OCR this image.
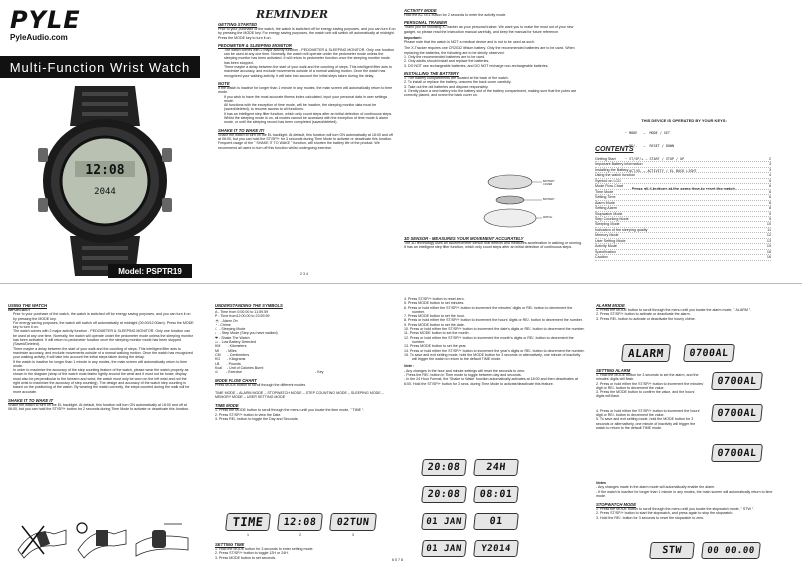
PYLE
PyleAudio.com
Multi-Function Wrist Watch
12:08
2044
Model: PSPTR19
REMINDER
GETTING STARTED
Prior to your purchase of the watch, the watch is switched off for energy saving purposes, and you can turn it on by pressing the MODE key. For energy saving purposes, the watch unit will switch off automatically at midnight. Press the MODE key to turn it on.
PEDOMETER & SLEEPING MONITOR
The watch comes with 2 major activity function - PEDOMETER & SLEEPING MONITOR. Only one function can be used at any one time. Normally, the watch will operate under the pedometer mode unless the sleeping monitor has been activated. It will return to pedometer function once the sleeping monitor mode has been stopped.
There maybe a delay between the start of your walk and the counting of steps. This intelligent filter acts to maximize accuracy, and exclude movements outside of a normal walking motion. Once the watch has recognized your walking activity, it will take into account the initial steps taken during the delay.
NOTE
If the watch is inactive for longer than 1 minute in any modes, the main screen will automatically return to time mode.
If you wish to have the most accurate fitness index calculated, input your personal data in user settings mode.
All functions with the exception of time mode, will be inactive, the sleeping monitor data must be (saved/deleted), to resume access to all functions.
It has an intelligent step filter function, which only count steps after an initial detection of continuous steps.
Whilst the sleeping mode is on, all modes cannot be accessed with the exception of time mode & alarm mode, or until the sleeping record has been completed (saved/deleted).
SHAKE IT TO WAKE IT!
Shake the watch to turn on the EL backlight. At default, this function will turn ON automatically at 18:00 and off at 06:00, but you can hold the ST/SP/+ for 3 seconds during Time Mode to activate or deactivate this function. Frequent usage of the " SHAKE IT TO WAKE " function, will shorten the battery life of the product. We recommend all users to turn off this function whilst undergoing exercise.
2 3 4
ACTIVITY MODE
Hold the ACT/EL button for 2 seconds to enter the activity mode.
PERSONAL TRAINER
Thank you for choosing X-Tracker as your personal trainer. We want you to make the most out of your new gadget, so please read the instruction manual carefully, and keep the manual for future reference.
Important:
Please note that the watch is NOT a medical device and is not to be used as such.
The X-Tracker requires one CR2032 lithium battery. Only the recommended batteries are to be used. When replacing the batteries, the following are to be strictly observed:
1. Only the recommended batteries are to be used.
2. Only adults should install and replace the batteries.
3. DO NOT use rechargeable batteries, and DO NOT recharge non-rechargeable batteries.
INSTALLING THE BATTERY
1. The battery compartments are located at the back of the watch.
2. To install or replace the battery, unscrew the back cover carefully.
3. Take out the old batteries and dispose responsibly.
4. Gently place a new battery into the battery slot of the battery compartment, making sure that the poles are correctly placed, and screw the back cover on.
BATTERY COVER
BATTERY
WATCH
3D SENSOR - MEASURES YOUR MOVEMENT ACCURATELY
The 3D technology uses an accelerometer sensor that detects and measures acceleration in walking or running. It has an intelligent step filter function, which only count steps after an initial detection of continuous steps.
THIS DEVICE IS OPERATED BY YOUR KEYS:

~ MODE   –  MODE / SET

~ RE/-   –  RESET / DOWN

~ ST/SP/+ – START / STOP / UP

~ ACT/EL – ACTIVITY / EL BACK LIGHT

Press all 4 buttons at the same time to reset the watch.
CONTENTS
Getting Start	2
Important Battery information	3
Installing the Battery	3
Using the watch function	4
Symbol on LCD	5
Mode Flow Chart	6
Time Mode	6
Setting Time	6
Alarm Mode	8
Setting Alarm	8
Stopwatch Mode	9
Step Counting Mode	9
Sleeping Mode	10
Indication of the sleeping quality	11
Memory Mode	12
User Setting Mode	13
Activity Mode	15
Specification	16
Caution	16
USING THE WATCH
IMPORTANT!
Prior to your purchase of the watch, the watch is switched off for energy saving purposes, and you can turn it on by pressing the MODE key.
For energy saving purposes, the watch will switch off automatically at midnight (00:00/12:00am). Press the MODE key to turn it on.
The watch comes with 2 major activity function - PEDOMETER & SLEEPING MONITOR. Only one function can be used at any one time. Normally, the watch will operate under the pedometer mode unless the sleeping monitor has been activated. It will return to pedometer function once the sleeping monitor mode has been stopped (Saved/Deleted).
There maybe a delay between the start of your walk and the counting of steps. This intelligent filter acts to maximize accuracy, and exclude movements outside of a normal walking motion. Once the watch has recognized your walking activity, it will take into account the initial steps taken during the delay.
If the watch is inactive for longer than 1 minute in any modes, the main screen will automatically return to time mode.
In order to maximize the accuracy of the step counting feature of the watch, please wear the watch properly as shown in the diagram (strap of the watch must fasten tightly around the wrist and it must not be loose; display must also be perpendicular to the forearm and wrist; the watch must only be worn on the left wrist and not the right wrist to maximize the accuracy of step counting). The design and accuracy of the watch step counting is based on the positioning of the watch. By wearing the watch correctly, the steps counted during the walk will be more accurate.
SHAKE IT TO WAKE IT
Shake the watch to turn on the EL backlight. At default, this function will turn ON automatically at 18:00 and off at 06:00, but you can hold the ST/SP/+ button for 2 seconds during Time Mode to activate or deactivate this function.
UNDERSTANDING THE SYMBOLS
A - Time from 0:00.00 to 11:59.59
P - Time from12:00.00 to 23:59.59
☕ - Alarm On
◔ - Chime
☾ - Sleeping Mode
♩ - Step Mode (Step you have walked)
❤ - Shake The Watch
▭ - Low Battery Detected
KM       - Kilometers
MI       - Miles
CM       - Centimeters
KG       - Kilograms
LB       - Pounds
Kcal     - Unit of Calories Burnt
⊙        - Exercise	- Key
MODE FLOW CHART
Press MODE button to scroll through the different modes
TIME MODE – ALARM MODE – STOPWATCH MODE – STEP COUNTING MODE – SLEEPING MODE – MEMORY MODE – USER SETTING MODE
TIME MODE
1. Press the MODE button to scroll through the menu until you locate the time mode, " TIME ".
2. Press ST/SP/+ button to view the Date.
3. Press RE/- button to toggle the Day and Seconds.
TIME	12:08	02TUN
1	2	3
SETTING TIME
1. Hold the MODE button for 3 seconds to enter setting mode.
2. Press ST/SP/+ button to toggle 12H or 24H.
3. Press MODE button to set seconds.
4. Press ST/SP/+ button to reset zero.
5. Press MODE button to set minutes.
6. Press or hold either the ST/SP/+ button to increment the minutes' digits or RE/- button to decrement the number.
7. Press MODE button to set the hour.
8. Press or hold either the ST/SP/+ button to increment the hours' digits or RE/- button to decrement the number.
9. Press MODE button to set the date.
10. Press or hold either the ST/SP/+ button to increment the date's digits or RE/- button to decrement the number.
11. Press MODE button to set the month.
12. Press or hold either the ST/SP/+ button to increment the month's digits or RE/- button to decrement the number.
13. Press MODE button to set the year.
14. Press or hold either the ST/SP/+ button to increment the year's digits or RE/- button to decrement the number.
15. To save and exit setting mode, hold the MODE button for 3 seconds or alternatively, one minute of inactivity will trigger the watch to return to the default TIME mode.
Note :
- Any changes in the hour and minute settings will reset the seconds to zero.
- Press the RE/- button in Time mode to toggle between day and seconds.
- In the 24 Hour Format, the 'Shake to Wake' function automatically activates at 18:00 and then deactivates at 6:00. Hold the ST/SP/+ button for 3 secs. during Time Mode to activate/deactivate this feature.
20:08	24H
20:08	08:01
01 JAN	01
01 JAN	Y2014
ALARM MODE
1. Press the MODE button to scroll through the menu until you locate the alarm mode, " ALARM ".
2. Press ST/SP/+ button to activate or deactivate the alarm.
3. Press RE/- button to activate or deactivate the hourly chime.
ALARM	0700AL
SETTING ALARM
1. Hold the MODE button for 3 seconds to set the alarm, and the minutes' digits will flash.
2. Press or hold either the ST/SP/+ button to increment the minutes' digit or RE/- button to decrement the value.
3. Press the MODE button to confirm the value, and the hours' digits will flash.
4. Press or hold either the ST/SP/+ button to increment the hours' digit or RE/- button to decrement the value.
5. To save and exit setting mode, hold the MODE button for 3 seconds or alternatively, one minute of inactivity will trigger the watch to return to the default TIME mode.
0700AL
0700AL
0700AL
Notes
- Any changes made in the alarm mode will automatically enable the alarm.
- If the watch is inactive for longer than 1 minute in any modes, the main screen will automatically return to time mode.
STOPWATCH MODE
1. Press the MODE button to scroll through the menu until you locate the stopwatch mode, " STW ".
2. Press ST/SP/+ button to start the stopwatch, and press again to stop the stopwatch.
3. Hold the RE/- button for 3 seconds to reset the stopwatch to zero.
STW	00 00.00
6 5 7 8
